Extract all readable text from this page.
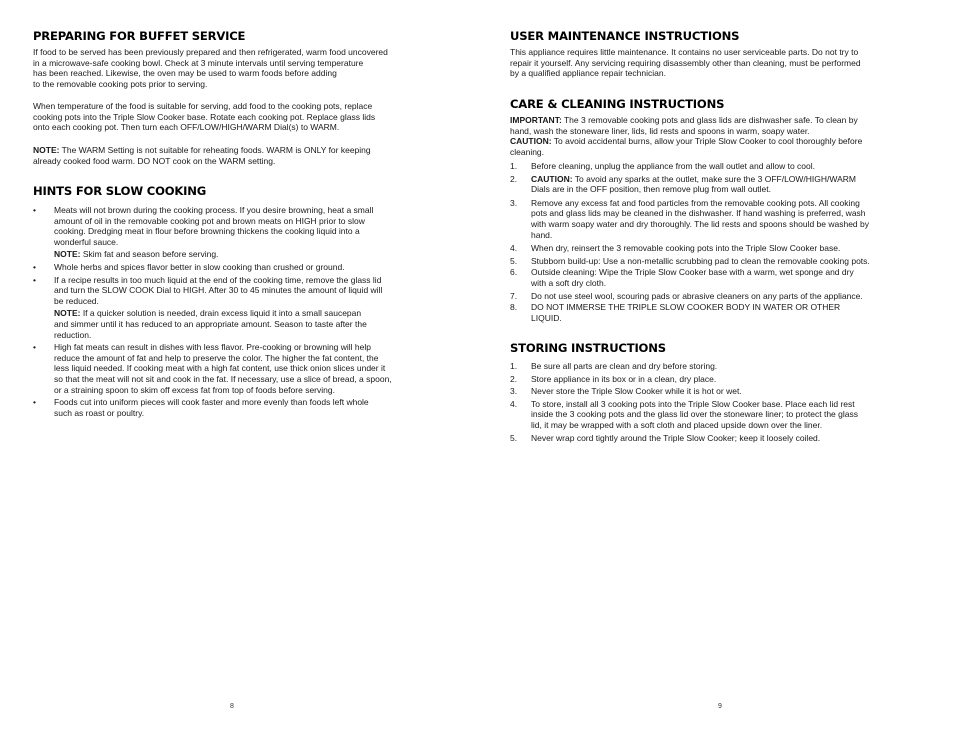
PREPARING FOR BUFFET SERVICE

If food to be served has been previously prepared and then refrigerated, warm food uncovered
in a microwave-safe cooking bowl. Check at 3 minute intervals until serving temperature
has been reached. Likewise, the oven may be used to warm foods before adding
to the removable cooking pots prior to serving.

When temperature of the food is suitable for serving, add food to the cooking pots, replace
cooking pots into the Triple Slow Cooker base. Rotate each cooking pot. Replace glass lids
onto each cooking pot. Then turn each OFF/LOW/HIGH/WARM Dial(s) to WARM.

NOTE: The WARM Setting is not suitable for reheating foods. WARM is ONLY for keeping
already cooked food warm. DO NOT cook on the WARM setting.

HINTS FOR SLOW COOKING
• Meats will not brown during the cooking process. If you desire browning, heat a small
amount of oil in the removable cooking pot and brown meats on HIGH prior to slow
cooking. Dredging meat in flour before browning thickens the cooking liquid into a
wonderful sauce.
NOTE: Skim fat and season before serving.
• Whole herbs and spices flavor better in slow cooking than crushed or ground.
• If a recipe results in too much liquid at the end of the cooking time, remove the glass lid
and turn the SLOW COOK Dial to HIGH. After 30 to 45 minutes the amount of liquid will
be reduced.
NOTE: If a quicker solution is needed, drain excess liquid it into a small saucepan
and simmer until it has reduced to an appropriate amount. Season to taste after the
reduction.
• High fat meats can result in dishes with less flavor. Pre-cooking or browning will help
reduce the amount of fat and help to preserve the color. The higher the fat content, the
less liquid needed. If cooking meat with a high fat content, use thick onion slices under it
so that the meat will not sit and cook in the fat. If necessary, use a slice of bread, a spoon,
or a straining spoon to skim off excess fat from top of foods before serving.
• Foods cut into uniform pieces will cook faster and more evenly than foods left whole
such as roast or poultry.
8
USER MAINTENANCE INSTRUCTIONS

This appliance requires little maintenance. It contains no user serviceable parts. Do not try to
repair it yourself. Any servicing requiring disassembly other than cleaning, must be performed
by a qualified appliance repair technician.

CARE & CLEANING INSTRUCTIONS

IMPORTANT: The 3 removable cooking pots and glass lids are dishwasher safe. To clean by
hand, wash the stoneware liner, lids, lid rests and spoons in warm, soapy water.
CAUTION: To avoid accidental burns, allow your Triple Slow Cooker to cool thoroughly before
cleaning.

1. Before cleaning, unplug the appliance from the wall outlet and allow to cool.
2. CAUTION: To avoid any sparks at the outlet, make sure the 3 OFF/LOW/HIGH/WARM
Dials are in the OFF position, then remove plug from wall outlet.
3. Remove any excess fat and food particles from the removable cooking pots. All cooking
pots and glass lids may be cleaned in the dishwasher. If hand washing is preferred, wash
with warm soapy water and dry thoroughly. The lid rests and spoons should be washed by
hand.
4. When dry, reinsert the 3 removable cooking pots into the Triple Slow Cooker base.
5. Stubborn build-up: Use a non-metallic scrubbing pad to clean the removable cooking pots.
6. Outside cleaning: Wipe the Triple Slow Cooker base with a warm, wet sponge and dry
with a soft dry cloth.
7. Do not use steel wool, scouring pads or abrasive cleaners on any parts of the appliance.
8. DO NOT IMMERSE THE TRIPLE SLOW COOKER BODY IN WATER OR OTHER
LIQUID.
STORING INSTRUCTIONS
1. Be sure all parts are clean and dry before storing.
2. Store appliance in its box or in a clean, dry place.
3. Never store the Triple Slow Cooker while it is hot or wet.
4. To store, install all 3 cooking pots into the Triple Slow Cooker base. Place each lid rest
inside the 3 cooking pots and the glass lid over the stoneware liner; to protect the glass
lid, it may be wrapped with a soft cloth and placed upside down over the liner.
5. Never wrap cord tightly around the Triple Slow Cooker; keep it loosely coiled.
9
